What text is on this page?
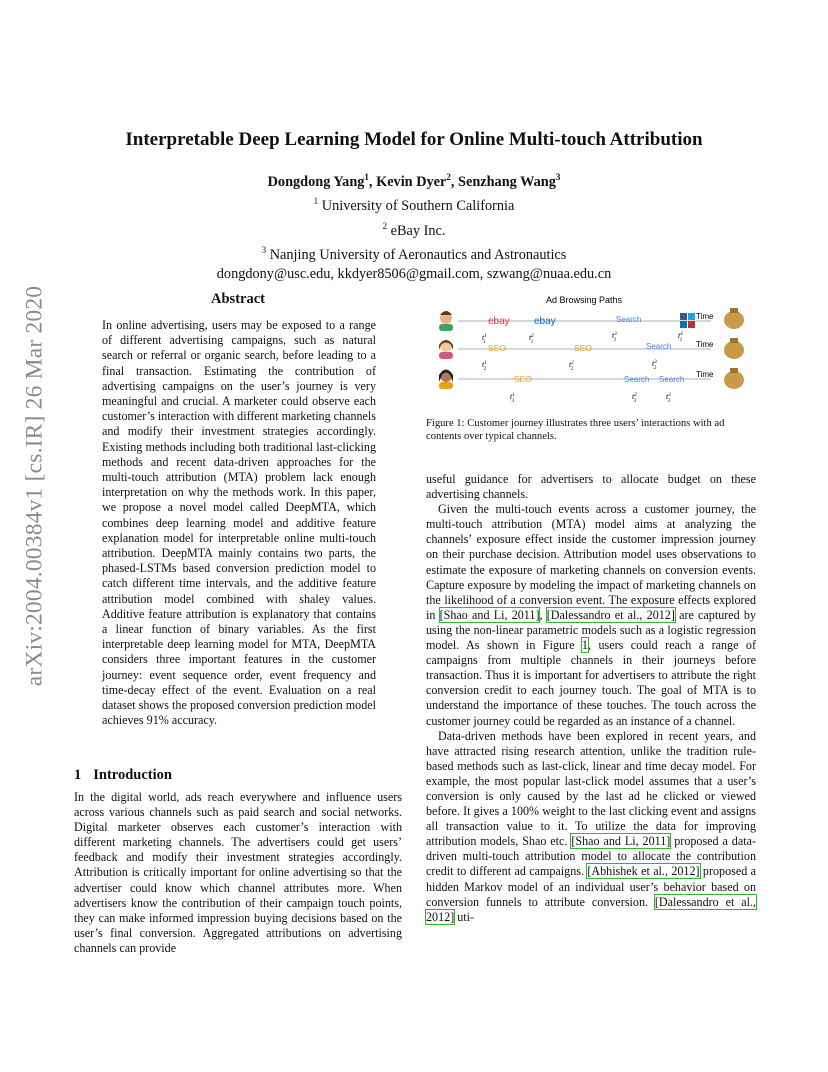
arXiv:2004.00384v1 [cs.IR] 26 Mar 2020
Interpretable Deep Learning Model for Online Multi-touch Attribution
Dongdong Yang$^1$, Kevin Dyer$^2$, Senzhang Wang$^3$
$^1$ University of Southern California
$^2$ eBay Inc.
$^3$ Nanjing University of Aeronautics and Astronautics
dongdony@usc.edu, kkdyer8506@gmail.com, szwang@nuaa.edu.cn
Abstract

In online advertising, users may be exposed to a range of different advertising campaigns, such as natural search or referral or organic search, before leading to a final transaction. Estimating the contribution of advertising campaigns on the user’s journey is very meaningful and crucial. A marketer could observe each customer’s interaction with different marketing channels and modify their investment strategies accordingly. Existing methods including both traditional last-clicking methods and recent data-driven approaches for the multi-touch attribution (MTA) problem lack enough interpretation on why the methods work. In this paper, we propose a novel model called DeepMTA, which combines deep learning model and additive feature explanation model for interpretable online multi-touch attribution. DeepMTA mainly contains two parts, the phased-LSTMs based conversion prediction model to catch different time intervals, and the additive feature attribution model combined with shaley values. Additive feature attribution is explanatory that contains a linear function of binary variables. As the first interpretable deep learning model for MTA, DeepMTA considers three important features in the customer journey: event sequence order, event frequency and time-decay effect of the event. Evaluation on a real dataset shows the proposed conversion prediction model achieves 91% accuracy.

1 Introduction

In the digital world, ads reach everywhere and influence users across various channels such as paid search and social networks. Digital marketer observes each customer’s interaction with different marketing channels. The advertisers could get users’ feedback and modify their investment strategies accordingly. Attribution is critically important for online advertising so that the advertiser could know which channel attributes more. When advertisers know the contribution of their campaign touch points, they can make informed impression buying decisions based on the user’s final conversion. Aggregated attributions on advertising channels can provide

Ad Browsing Paths
ebay ebay	Search
SEO	SEO	Search
SEO	Search Search
Time
Time
Time
$t^1$ 1
$t^2$ 1
$t^3$ 1
$t^4$ 1
$t^1$ 2
$t^2$ 2
$t^3$ 2
$t^1$ 3
$t^2$ 3
$t^3$ 3

Figure 1: Customer journey illustrates three users’ interactions with ad contents over typical channels.

useful guidance for advertisers to allocate budget on these advertising channels.

Given the multi-touch events across a customer journey, the multi-touch attribution (MTA) model aims at analyzing the channels’ exposure effect inside the customer impression journey on their purchase decision. Attribution model uses observations to estimate the exposure of marketing channels on conversion events. Capture exposure by modeling the impact of marketing channels on the likelihood of a conversion event. The exposure effects explored in [Shao and Li, 2011], [Dalessandro et al., 2012] are captured by using the non-linear parametric models such as a logistic regression model. As shown in Figure 1, users could reach a range of campaigns from multiple channels in their journeys before transaction. Thus it is important for advertisers to attribute the right conversion credit to each journey touch. The goal of MTA is to understand the importance of these touches. The touch across the customer journey could be regarded as an instance of a channel.

Data-driven methods have been explored in recent years, and have attracted rising research attention, unlike the tradition rule-based methods such as last-click, linear and time decay model. For example, the most popular last-click model assumes that a user’s conversion is only caused by the last ad he clicked or viewed before. It gives a 100% weight to the last clicking event and assigns all transaction value to it. To utilize the data for improving attribution models, Shao etc. [Shao and Li, 2011] proposed a data-driven multi-touch attribution model to allocate the contribution credit to different ad campaigns. [Abhishek et al., 2012] proposed a hidden Markov model of an individual user’s behavior based on conversion funnels to attribute conversion. [Dalessandro et al., 2012] uti-
